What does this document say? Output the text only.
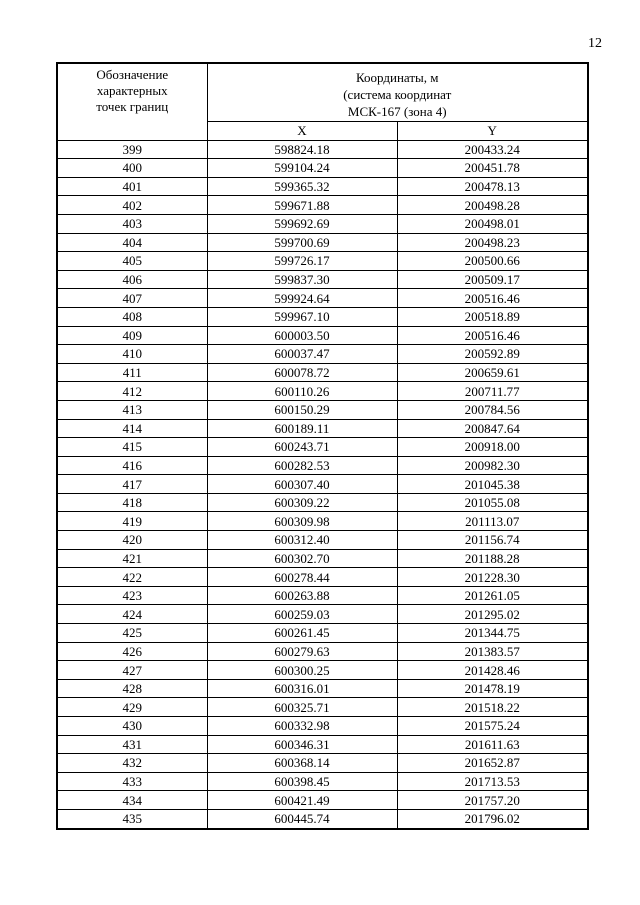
12
Обозначение
характерных
точек границ	Координаты, м
(система координат
МСК-167 (зона 4)	

	X	Y
399	598824.18	200433.24
400	599104.24	200451.78
401	599365.32	200478.13
402	599671.88	200498.28
403	599692.69	200498.01
404	599700.69	200498.23
405	599726.17	200500.66
406	599837.30	200509.17
407	599924.64	200516.46
408	599967.10	200518.89
409	600003.50	200516.46
410	600037.47	200592.89
411	600078.72	200659.61
412	600110.26	200711.77
413	600150.29	200784.56
414	600189.11	200847.64
415	600243.71	200918.00
416	600282.53	200982.30
417	600307.40	201045.38
418	600309.22	201055.08
419	600309.98	201113.07
420	600312.40	201156.74
421	600302.70	201188.28
422	600278.44	201228.30
423	600263.88	201261.05
424	600259.03	201295.02
425	600261.45	201344.75
426	600279.63	201383.57
427	600300.25	201428.46
428	600316.01	201478.19
429	600325.71	201518.22
430	600332.98	201575.24
431	600346.31	201611.63
432	600368.14	201652.87
433	600398.45	201713.53
434	600421.49	201757.20
435	600445.74	201796.02
